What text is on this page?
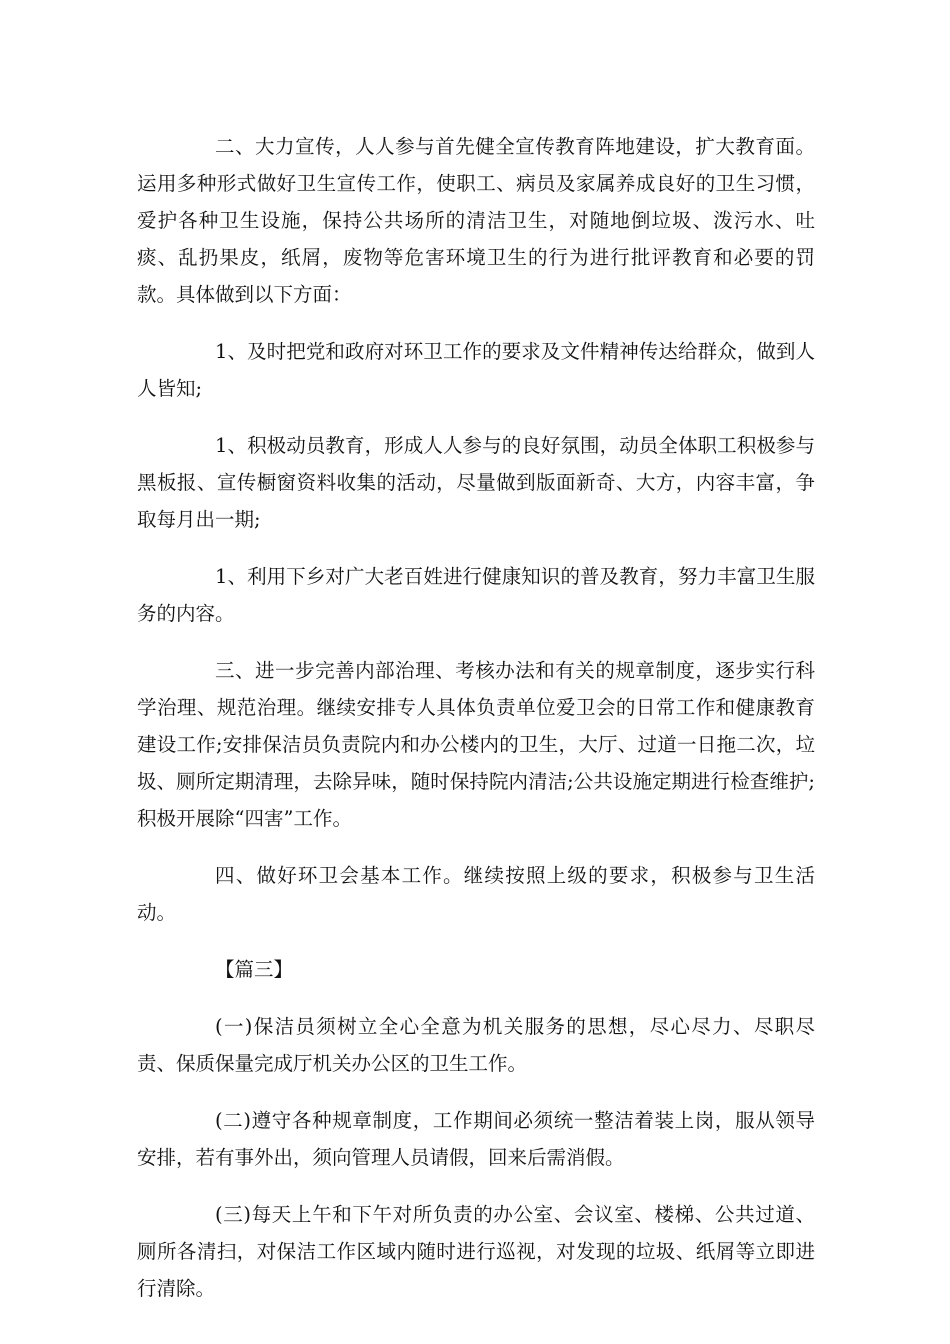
二、大力宣传，人人参与首先健全宣传教育阵地建设，扩大教育面。运用多种形式做好卫生宣传工作，使职工、病员及家属养成良好的卫生习惯，爱护各种卫生设施，保持公共场所的清洁卫生，对随地倒垃圾、泼污水、吐痰、乱扔果皮，纸屑，废物等危害环境卫生的行为进行批评教育和必要的罚款。具体做到以下方面：

1、及时把党和政府对环卫工作的要求及文件精神传达给群众，做到人人皆知;

1、积极动员教育，形成人人参与的良好氛围，动员全体职工积极参与黑板报、宣传橱窗资料收集的活动，尽量做到版面新奇、大方，内容丰富，争取每月出一期;

1、利用下乡对广大老百姓进行健康知识的普及教育，努力丰富卫生服务的内容。

三、进一步完善内部治理、考核办法和有关的规章制度，逐步实行科学治理、规范治理。继续安排专人具体负责单位爱卫会的日常工作和健康教育建设工作;安排保洁员负责院内和办公楼内的卫生，大厅、过道一日拖二次，垃圾、厕所定期清理，去除异味，随时保持院内清洁;公共设施定期进行检查维护;积极开展除“四害”工作。

四、做好环卫会基本工作。继续按照上级的要求，积极参与卫生活动。

【篇三】

(一)保洁员须树立全心全意为机关服务的思想，尽心尽力、尽职尽责、保质保量完成厅机关办公区的卫生工作。

(二)遵守各种规章制度，工作期间必须统一整洁着装上岗，服从领导安排，若有事外出，须向管理人员请假，回来后需消假。

(三)每天上午和下午对所负责的办公室、会议室、楼梯、公共过道、厕所各清扫，对保洁工作区域内随时进行巡视，对发现的垃圾、纸屑等立即进行清除。
